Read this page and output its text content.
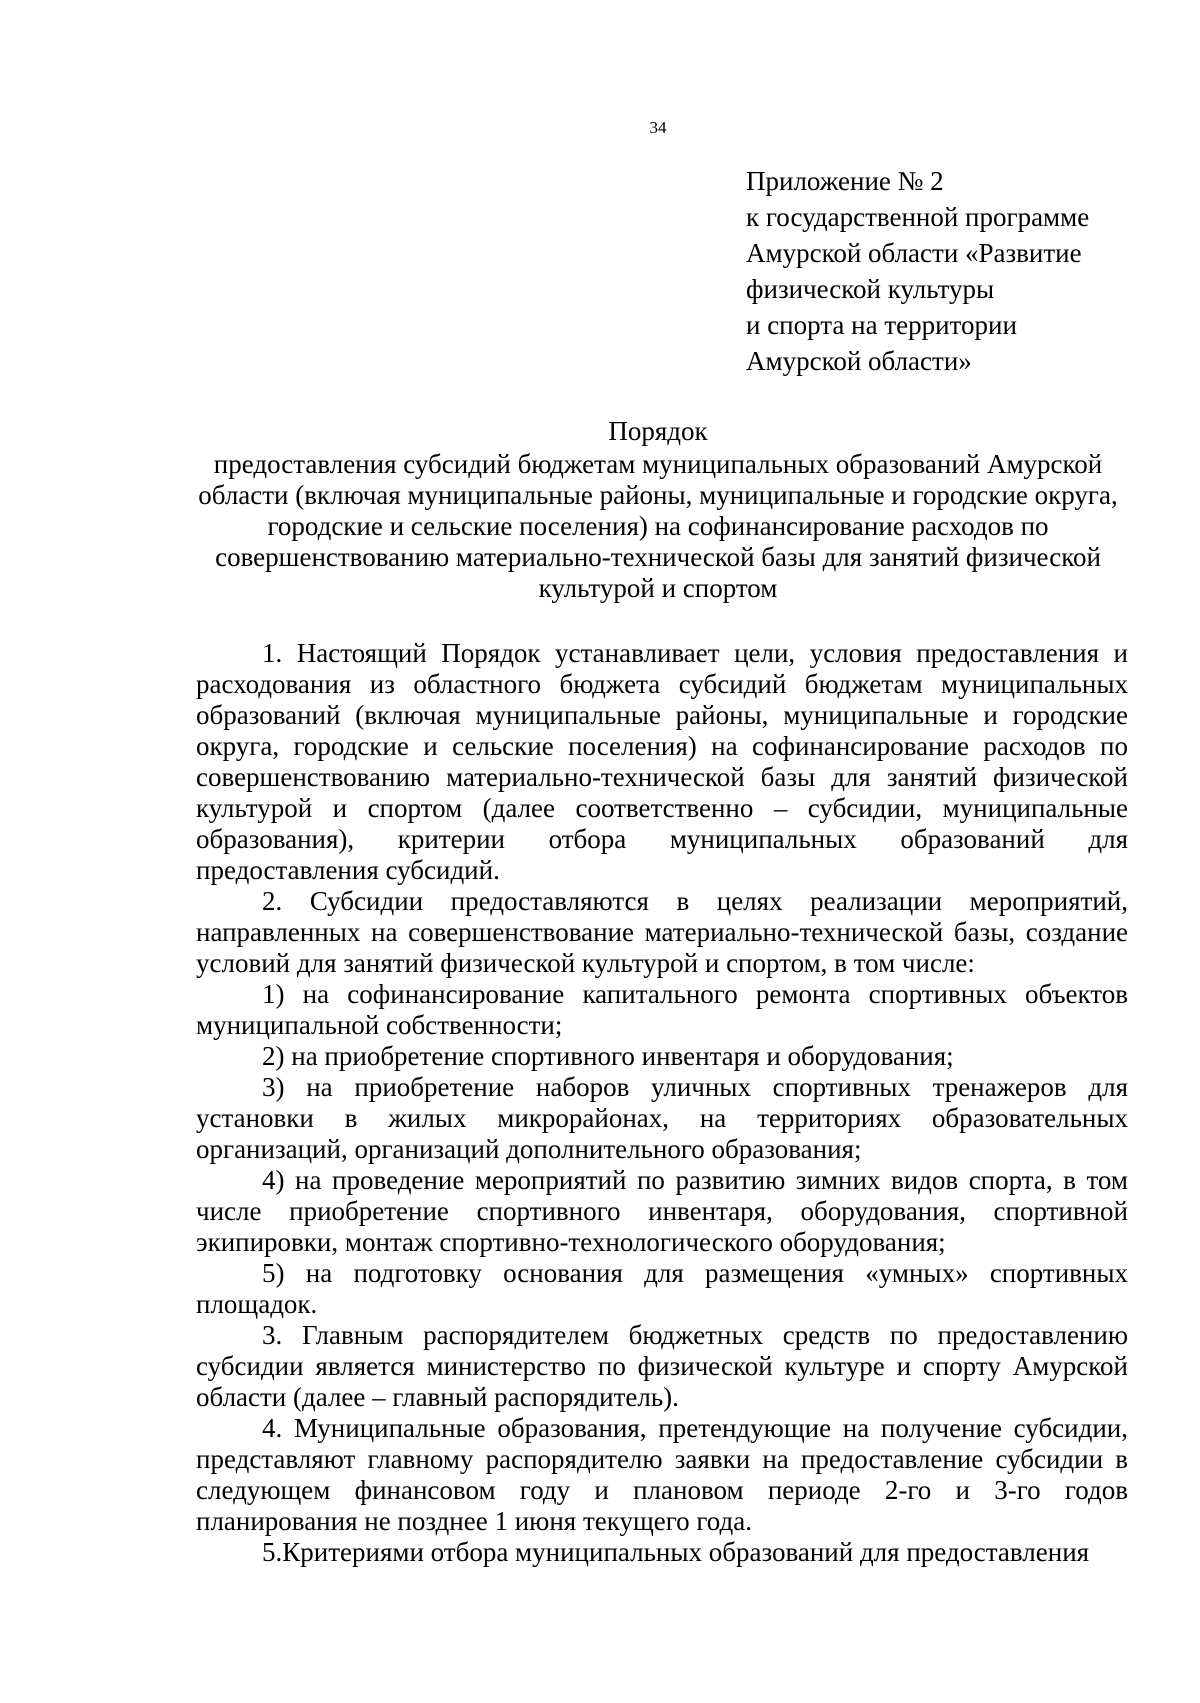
34
Приложение № 2
к государственной программе
Амурской области «Развитие
физической культуры
и спорта на территории
Амурской области»
Порядок
предоставления субсидий бюджетам муниципальных образований Амурской
области (включая муниципальные районы, муниципальные и городские округа,
городские и сельские поселения) на софинансирование расходов по
совершенствованию материально-технической базы для занятий физической
культурой и спортом

1. Настоящий Порядок устанавливает цели, условия предоставления и расходования из областного бюджета субсидий бюджетам муниципальных образований (включая муниципальные районы, муниципальные и городские округа, городские и сельские поселения) на софинансирование расходов по совершенствованию материально-технической базы для занятий физической культурой и спортом (далее соответственно – субсидии, муниципальные образования), критерии отбора муниципальных образований для предоставления субсидий.

2. Субсидии предоставляются в целях реализации мероприятий, направленных на совершенствование материально-технической базы, создание условий для занятий физической культурой и спортом, в том числе:

1) на софинансирование капитального ремонта спортивных объектов муниципальной собственности;

2) на приобретение спортивного инвентаря и оборудования;

3) на приобретение наборов уличных спортивных тренажеров для установки в жилых микрорайонах, на территориях образовательных организаций, организаций дополнительного образования;

4) на проведение мероприятий по развитию зимних видов спорта, в том числе приобретение спортивного инвентаря, оборудования, спортивной экипировки, монтаж спортивно-технологического оборудования;

5) на подготовку основания для размещения «умных» спортивных площадок.

3. Главным распорядителем бюджетных средств по предоставлению субсидии является министерство по физической культуре и спорту Амурской области (далее – главный распорядитель).

4. Муниципальные образования, претендующие на получение субсидии, представляют главному распорядителю заявки на предоставление субсидии в следующем финансовом году и плановом периоде 2-го и 3-го годов планирования не позднее 1 июня текущего года.

5.Критериями отбора муниципальных образований для предоставления
